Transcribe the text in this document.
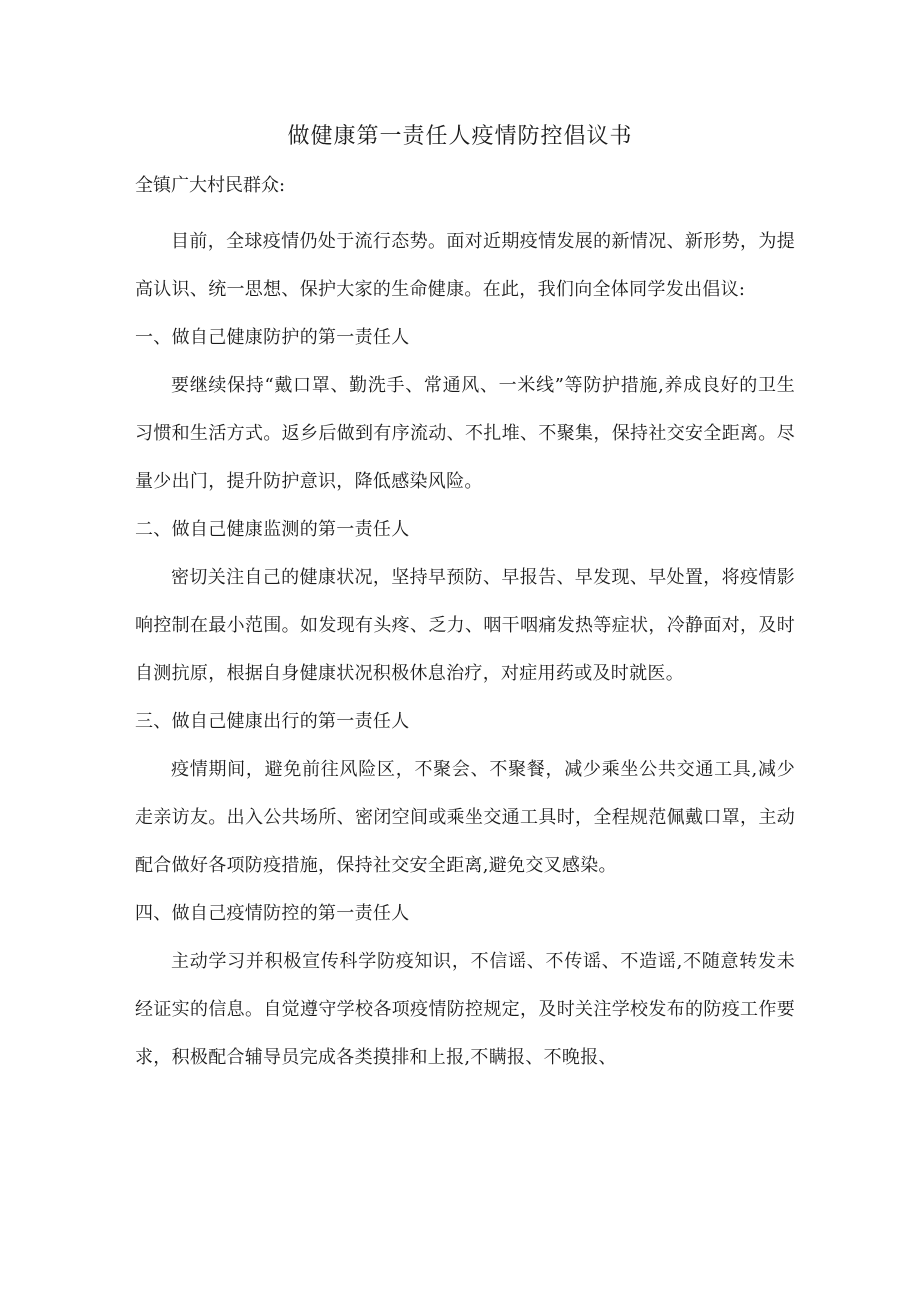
做健康第一责任人疫情防控倡议书

全镇广大村民群众:

目前，全球疫情仍处于流行态势。面对近期疫情发展的新情况、新形势，为提高认识、统一思想、保护大家的生命健康。在此，我们向全体同学发出倡议:

一、做自己健康防护的第一责任人

要继续保持“戴口罩、勤洗手、常通风、一米线”等防护措施,养成良好的卫生习惯和生活方式。返乡后做到有序流动、不扎堆、不聚集，保持社交安全距离。尽量少出门，提升防护意识，降低感染风险。

二、做自己健康监测的第一责任人

密切关注自己的健康状况，坚持早预防、早报告、早发现、早处置，将疫情影响控制在最小范围。如发现有头疼、乏力、咽干咽痛发热等症状，冷静面对，及时自测抗原，根据自身健康状况积极休息治疗，对症用药或及时就医。

三、做自己健康出行的第一责任人

疫情期间，避免前往风险区，不聚会、不聚餐，减少乘坐公共交通工具,减少走亲访友。出入公共场所、密闭空间或乘坐交通工具时，全程规范佩戴口罩，主动配合做好各项防疫措施，保持社交安全距离,避免交叉感染。

四、做自己疫情防控的第一责任人

主动学习并积极宣传科学防疫知识，不信谣、不传谣、不造谣,不随意转发未经证实的信息。自觉遵守学校各项疫情防控规定，及时关注学校发布的防疫工作要求，积极配合辅导员完成各类摸排和上报,不瞒报、不晚报、
